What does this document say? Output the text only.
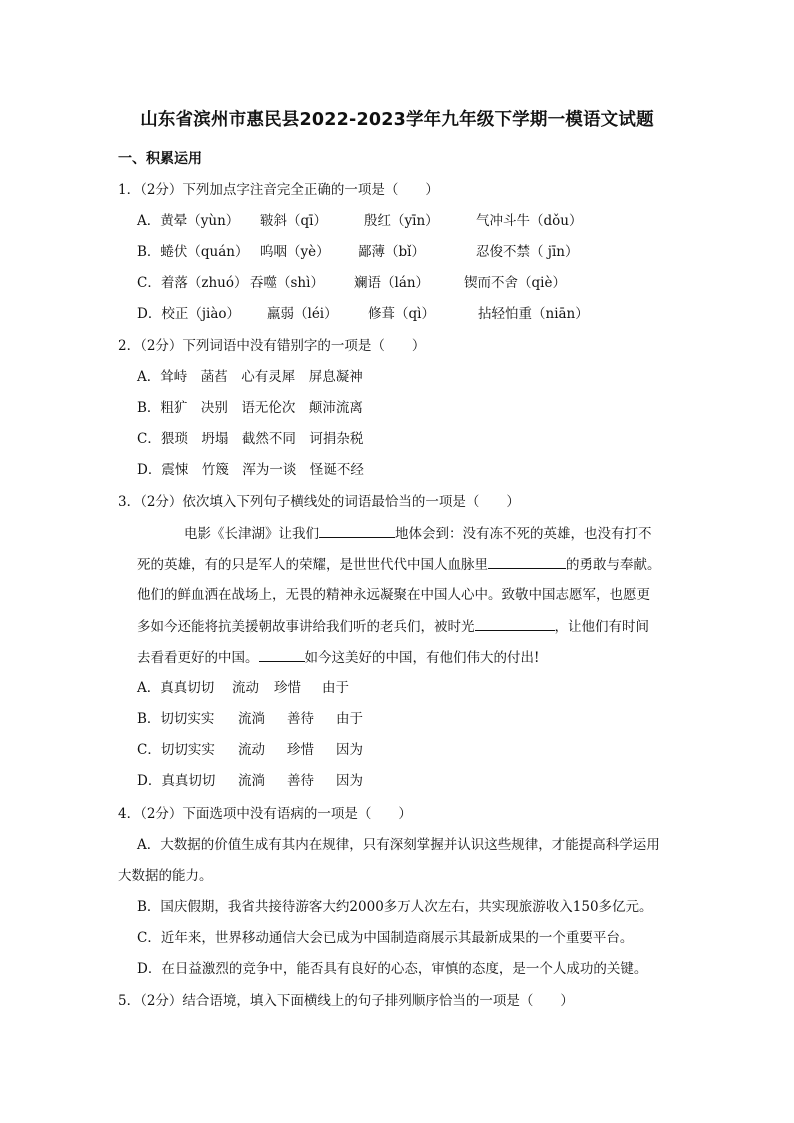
山东省滨州市惠民县2022-2023学年九年级下学期一模语文试题
一、积累运用
1．（2分）下列加点字注音完全正确的一项是（　　）
A．黄晕（yùn） 皲斜（qī）	殷红（yīn）	气冲斗牛（dǒu）
B．蜷伏（quán） 呜咽（yè） 鄙薄（bǐ）	忍俊不禁（ jīn）
C．着落（zhuó） 吞噬（shì） 斓语（lán）	锲而不舍（qiè）
D．校正（jiào） 羸弱（léi） 修葺（qì）	拈轻怕重（niān）
2．（2分）下列词语中没有错别字的一项是（　　）
A．耸峙　菡萏　心有灵犀　屏息凝神
B．粗犷　决别　语无伦次　颠沛流离
C．猥琐　坍塌　截然不同　诃捐杂税
D．震悚　竹篾　浑为一谈　怪诞不经
3．（2分）依次填入下列句子横线处的词语最恰当的一项是（　　）
电影《长津湖》让我们	地体会到：没有冻不死的英雄，也没有打不
死的英雄，有的只是军人的荣耀，是世世代代中国人血脉里	的勇敢与奉献。
他们的鲜血洒在战场上，无畏的精神永远凝聚在中国人心中。致敬中国志愿军，也愿更
多如今还能将抗美援朝故事讲给我们听的老兵们，被时光	，让他们有时间
去看看更好的中国。	如今这美好的中国，有他们伟大的付出!
A．真真切切 流动 珍惜 由于
B．切切实实 流淌 善待 由于
C．切切实实 流动 珍惜 因为
D．真真切切 流淌 善待 因为
4．（2分）下面选项中没有语病的一项是（　　）
A．大数据的价值生成有其内在规律，只有深刻掌握并认识这些规律，才能提高科学运用
大数据的能力。
B．国庆假期，我省共接待游客大约2000多万人次左右，共实现旅游收入150多亿元。
C．近年来，世界移动通信大会已成为中国制造商展示其最新成果的一个重要平台。
D．在日益激烈的竞争中，能否具有良好的心态，审慎的态度，是一个人成功的关键。
5．（2分）结合语境，填入下面横线上的句子排列顺序恰当的一项是（　　）
